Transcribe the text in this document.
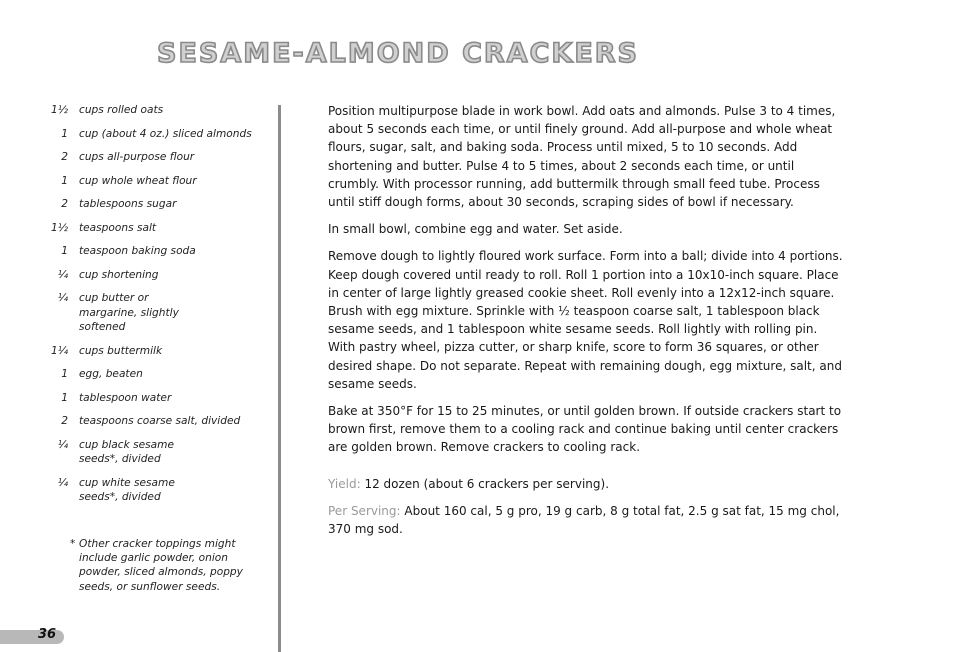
SESAME-ALMOND CRACKERS
1½	cups rolled oats
1	cup (about 4 oz.) sliced almonds
2	cups all-purpose flour
1	cup whole wheat flour
2	tablespoons sugar
1½	teaspoons salt
1	teaspoon baking soda
¼	cup shortening
¼	cup butter or margarine, slightly softened
1¼	cups buttermilk
1	egg, beaten
1	tablespoon water
2	teaspoons coarse salt, divided
¼	cup black sesame seeds*, divided
¼	cup white sesame seeds*, divided
* Other cracker toppings might include garlic powder, onion powder, sliced almonds, poppy seeds, or sunflower seeds.

Position multipurpose blade in work bowl. Add oats and almonds. Pulse 3 to 4 times, about 5 seconds each time, or until finely ground. Add all-purpose and whole wheat flours, sugar, salt, and baking soda. Process until mixed, 5 to 10 seconds. Add shortening and butter. Pulse 4 to 5 times, about 2 seconds each time, or until crumbly. With processor running, add buttermilk through small feed tube. Process until stiff dough forms, about 30 seconds, scraping sides of bowl if necessary.

In small bowl, combine egg and water. Set aside.

Remove dough to lightly floured work surface. Form into a ball; divide into 4 portions. Keep dough covered until ready to roll. Roll 1 portion into a 10x10-inch square. Place in center of large lightly greased cookie sheet. Roll evenly into a 12x12-inch square. Brush with egg mixture. Sprinkle with ½ teaspoon coarse salt, 1 tablespoon black sesame seeds, and 1 tablespoon white sesame seeds. Roll lightly with rolling pin. With pastry wheel, pizza cutter, or sharp knife, score to form 36 squares, or other desired shape. Do not separate. Repeat with remaining dough, egg mixture, salt, and sesame seeds.

Bake at 350°F for 15 to 25 minutes, or until golden brown. If outside crackers start to brown first, remove them to a cooling rack and continue baking until center crackers are golden brown. Remove crackers to cooling rack.

Yield: 12 dozen (about 6 crackers per serving).

Per Serving: About 160 cal, 5 g pro, 19 g carb, 8 g total fat, 2.5 g sat fat, 15 mg chol, 370 mg sod.

36
